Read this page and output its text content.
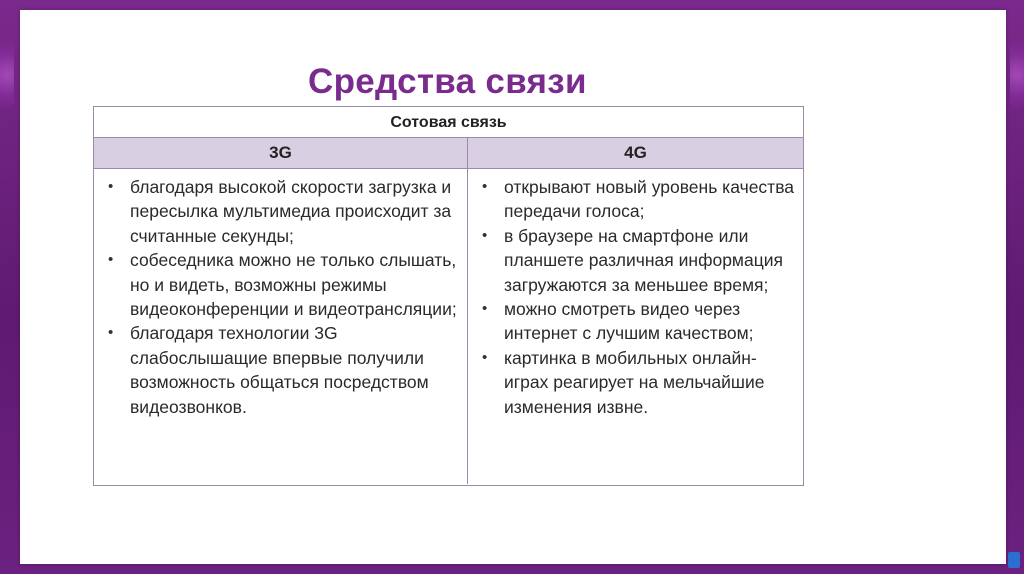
Средства связи
Сотовая связь
3G	4G
• благодаря высокой скорости загрузка и пересылка мультимедиа происходит за считанные секунды;
• собеседника можно не только слышать, но и видеть, возможны режимы видеоконференции и видеотрансляции;
• благодаря технологии 3G слабослышащие впервые получили возможность общаться посредством видеозвонков.
• открывают новый уровень качества передачи голоса;
• в браузере на смартфоне или планшете различная информация загружаются за меньшее время;
• можно смотреть видео через интернет с лучшим качеством;
• картинка в мобильных онлайн-играх реагирует на мельчайшие изменения извне.
